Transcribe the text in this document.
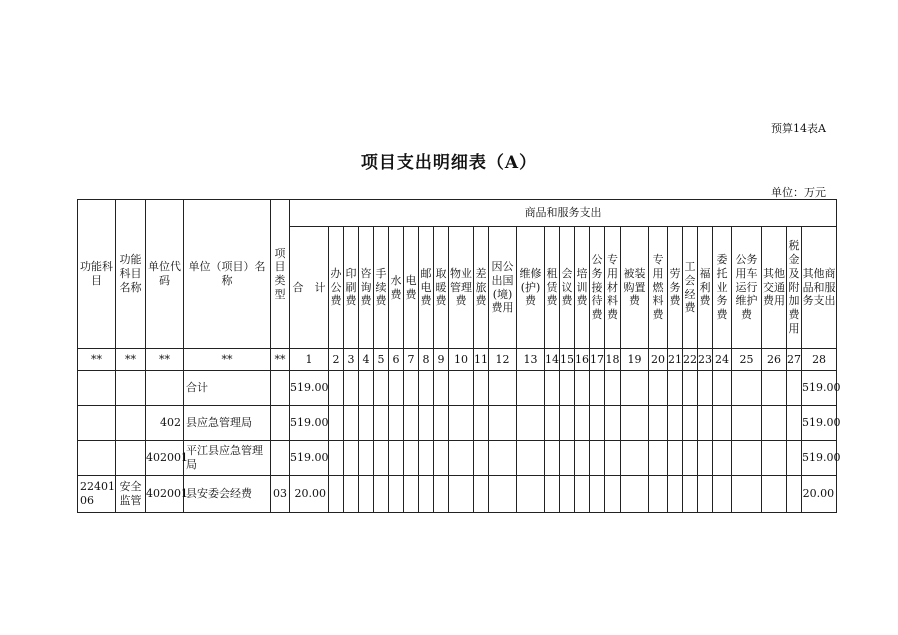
预算14表A
项目支出明细表（A）
单位：万元
功能科目	功能科目名称	单位代码	单位（项目）名称	项目类型	商品和服务支出																											
					合　计	办公费	印刷费	咨询费	手续费	水费	电费	邮电费	取暖费	物业管理费	差旅费	因公出国(境)费用	维修(护)费	租赁费	会议费	培训费	公务接待费	专用材料费	被装购置费	专用燃料费	劳务费	工会经费	福利费	委托业务费	公务用车运行维护费	其他交通费用	税金及附加费用	其他商品和服务支出
**	**	**	**	**	1	2	3	4	5	6	7	8	9	10	11	12	13	14	15	16	17	18	19	20	21	22	23	24	25	26	27	28
			合计		519.00																											519.00
		402	县应急管理局		519.00																											519.00
		402001	平江县应急管理局		519.00																											519.00
2240106	安全监管	402001	县安委会经费	03	20.00																											20.00
